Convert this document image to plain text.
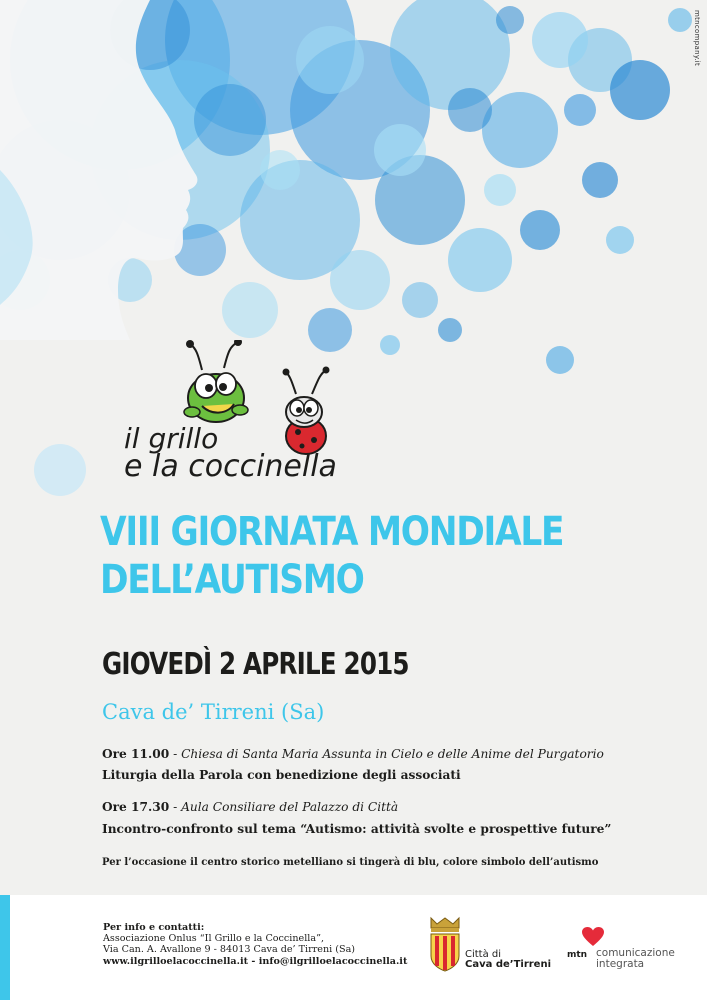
mtncompany.it
il grillo
e la coccinella
VIII GIORNATA MONDIALE
DELL’AUTISMO
GIOVEDÌ 2 APRILE 2015
Cava de’ Tirreni (Sa)
Ore 11.00 - Chiesa di Santa Maria Assunta in Cielo e delle Anime del Purgatorio
Liturgia della Parola con benedizione degli associati
Ore 17.30 - Aula Consiliare del Palazzo di Città
Incontro-confronto sul tema “Autismo: attività svolte e prospettive future”
Per l’occasione il centro storico metelliano si tingerà di blu, colore simbolo dell’autismo
Per info e contatti:
Associazione Onlus “Il Grillo e la Coccinella”,
Via Can. A. Avallone 9 - 84013 Cava de’ Tirreni (Sa)
www.ilgrilloelacoccinella.it - info@ilgrilloelacoccinella.it
Città di
Cava de’Tirreni
mtn comunicazione
integrata
